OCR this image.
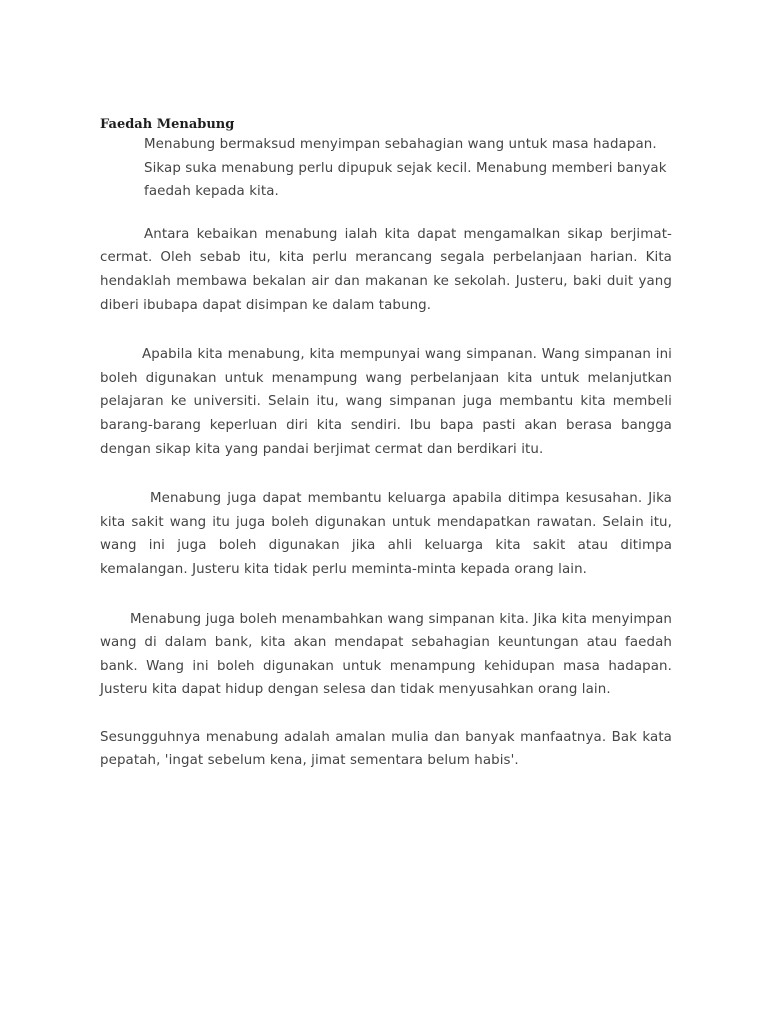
Faedah Menabung

Menabung bermaksud menyimpan sebahagian wang untuk masa hadapan. Sikap suka menabung perlu dipupuk sejak kecil. Menabung memberi banyak faedah kepada kita.

Antara kebaikan menabung ialah kita dapat mengamalkan sikap berjimat-cermat. Oleh sebab itu, kita perlu merancang segala perbelanjaan harian. Kita hendaklah membawa bekalan air dan makanan ke sekolah. Justeru, baki duit yang diberi ibubapa dapat disimpan ke dalam tabung.

Apabila kita menabung, kita mempunyai wang simpanan. Wang simpanan ini boleh digunakan untuk menampung wang perbelanjaan kita untuk melanjutkan pelajaran ke universiti. Selain itu, wang simpanan juga membantu kita membeli barang-barang keperluan diri kita sendiri. Ibu bapa pasti akan berasa bangga dengan sikap kita yang pandai berjimat cermat dan berdikari itu.

Menabung juga dapat membantu keluarga apabila ditimpa kesusahan. Jika kita sakit wang itu juga boleh digunakan untuk mendapatkan rawatan. Selain itu, wang ini juga boleh digunakan jika ahli keluarga kita sakit atau ditimpa kemalangan. Justeru kita tidak perlu meminta-minta kepada orang lain.

Menabung juga boleh menambahkan wang simpanan kita. Jika kita menyimpan wang di dalam bank, kita akan mendapat sebahagian keuntungan atau faedah bank. Wang ini boleh digunakan untuk menampung kehidupan masa hadapan. Justeru kita dapat hidup dengan selesa dan tidak menyusahkan orang lain.

Sesungguhnya menabung adalah amalan mulia dan banyak manfaatnya. Bak kata pepatah, 'ingat sebelum kena, jimat sementara belum habis'.
